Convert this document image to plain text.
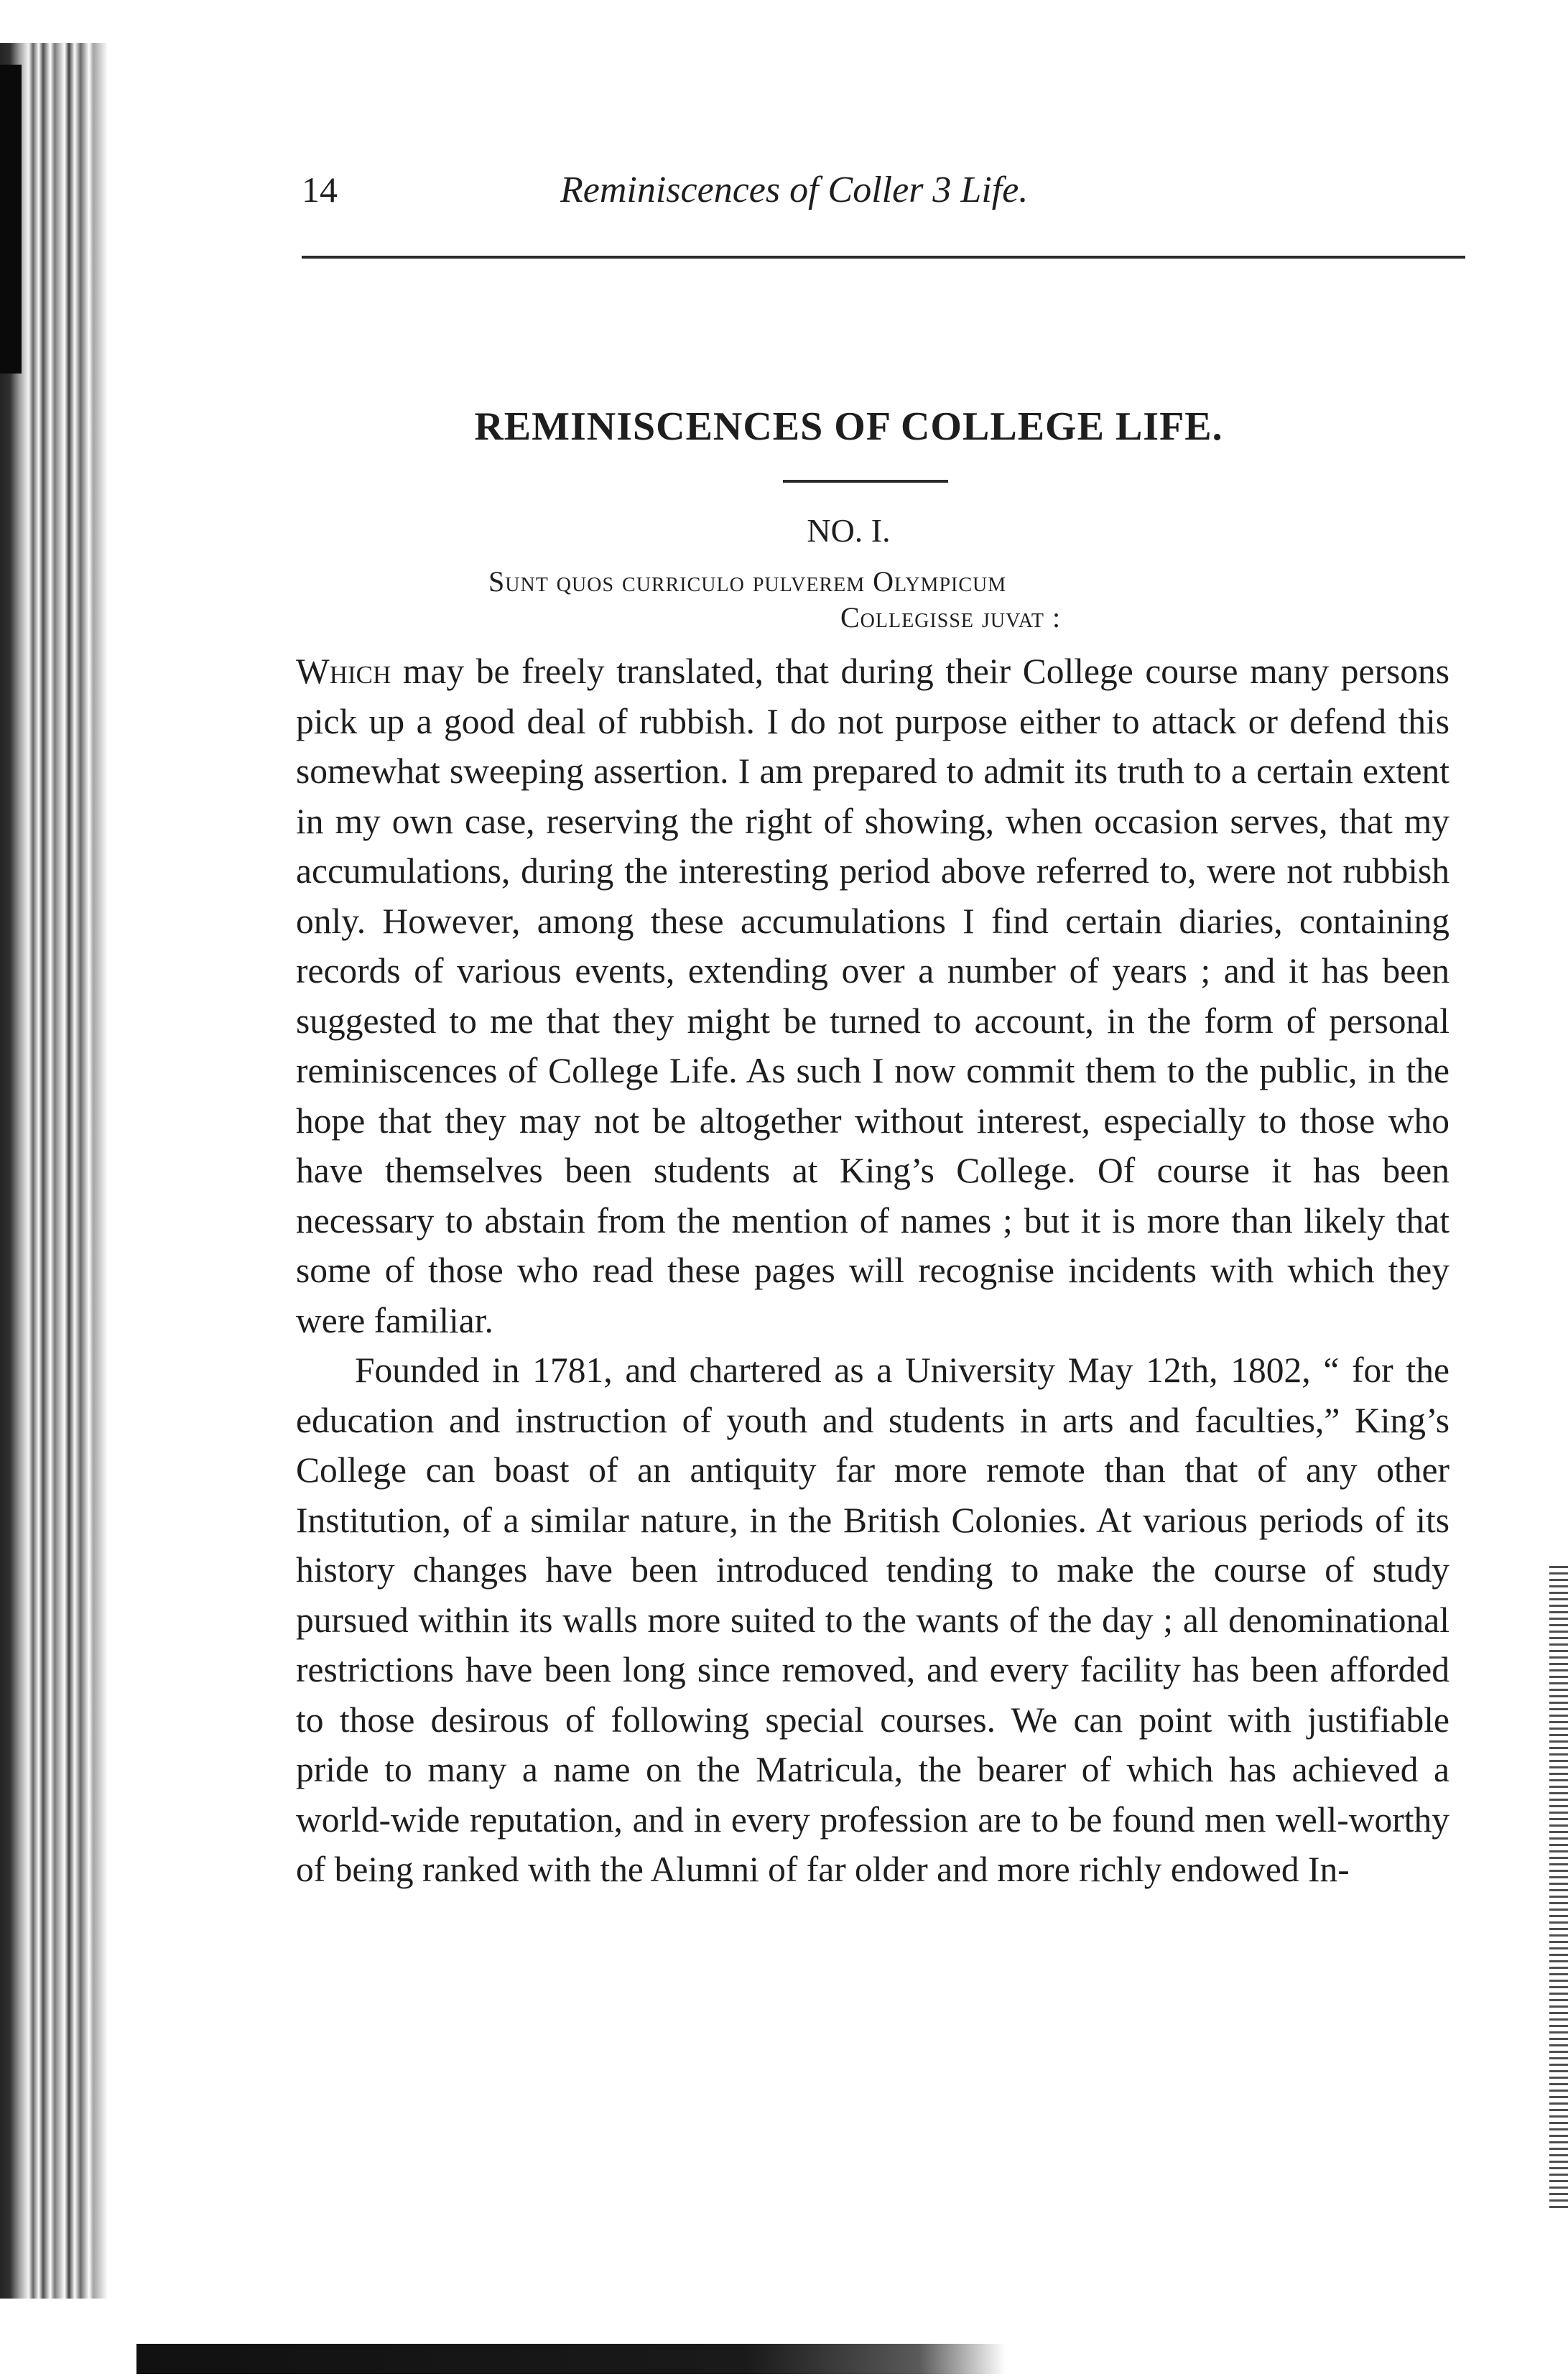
14	Reminiscences of Coller 3 Life.
REMINISCENCES OF COLLEGE LIFE.
NO. I.
Sunt quos curriculo pulverem Olympicum
Collegisse juvat :

Which may be freely translated, that during their College course many persons pick up a good deal of rubbish. I do not purpose either to attack or defend this somewhat sweeping assertion. I am prepared to admit its truth to a certain extent in my own case, reserving the right of showing, when occasion serves, that my accumulations, during the interesting period above referred to, were not rubbish only. However, among these accumulations I find certain diaries, containing records of various events, extending over a number of years ; and it has been suggested to me that they might be turned to account, in the form of personal reminiscences of College Life. As such I now commit them to the public, in the hope that they may not be altogether without interest, especially to those who have themselves been students at King’s College. Of course it has been necessary to abstain from the mention of names ; but it is more than likely that some of those who read these pages will recognise incidents with which they were familiar.

Founded in 1781, and chartered as a University May 12th, 1802, “ for the education and instruction of youth and students in arts and faculties,” King’s College can boast of an antiquity far more remote than that of any other Institution, of a similar nature, in the British Colonies. At various periods of its history changes have been introduced tending to make the course of study pursued within its walls more suited to the wants of the day ; all denominational restrictions have been long since removed, and every facility has been afforded to those desirous of following special courses. We can point with justifiable pride to many a name on the Matricula, the bearer of which has achieved a world-wide reputation, and in every profession are to be found men well-worthy of being ranked with the Alumni of far older and more richly endowed In-
